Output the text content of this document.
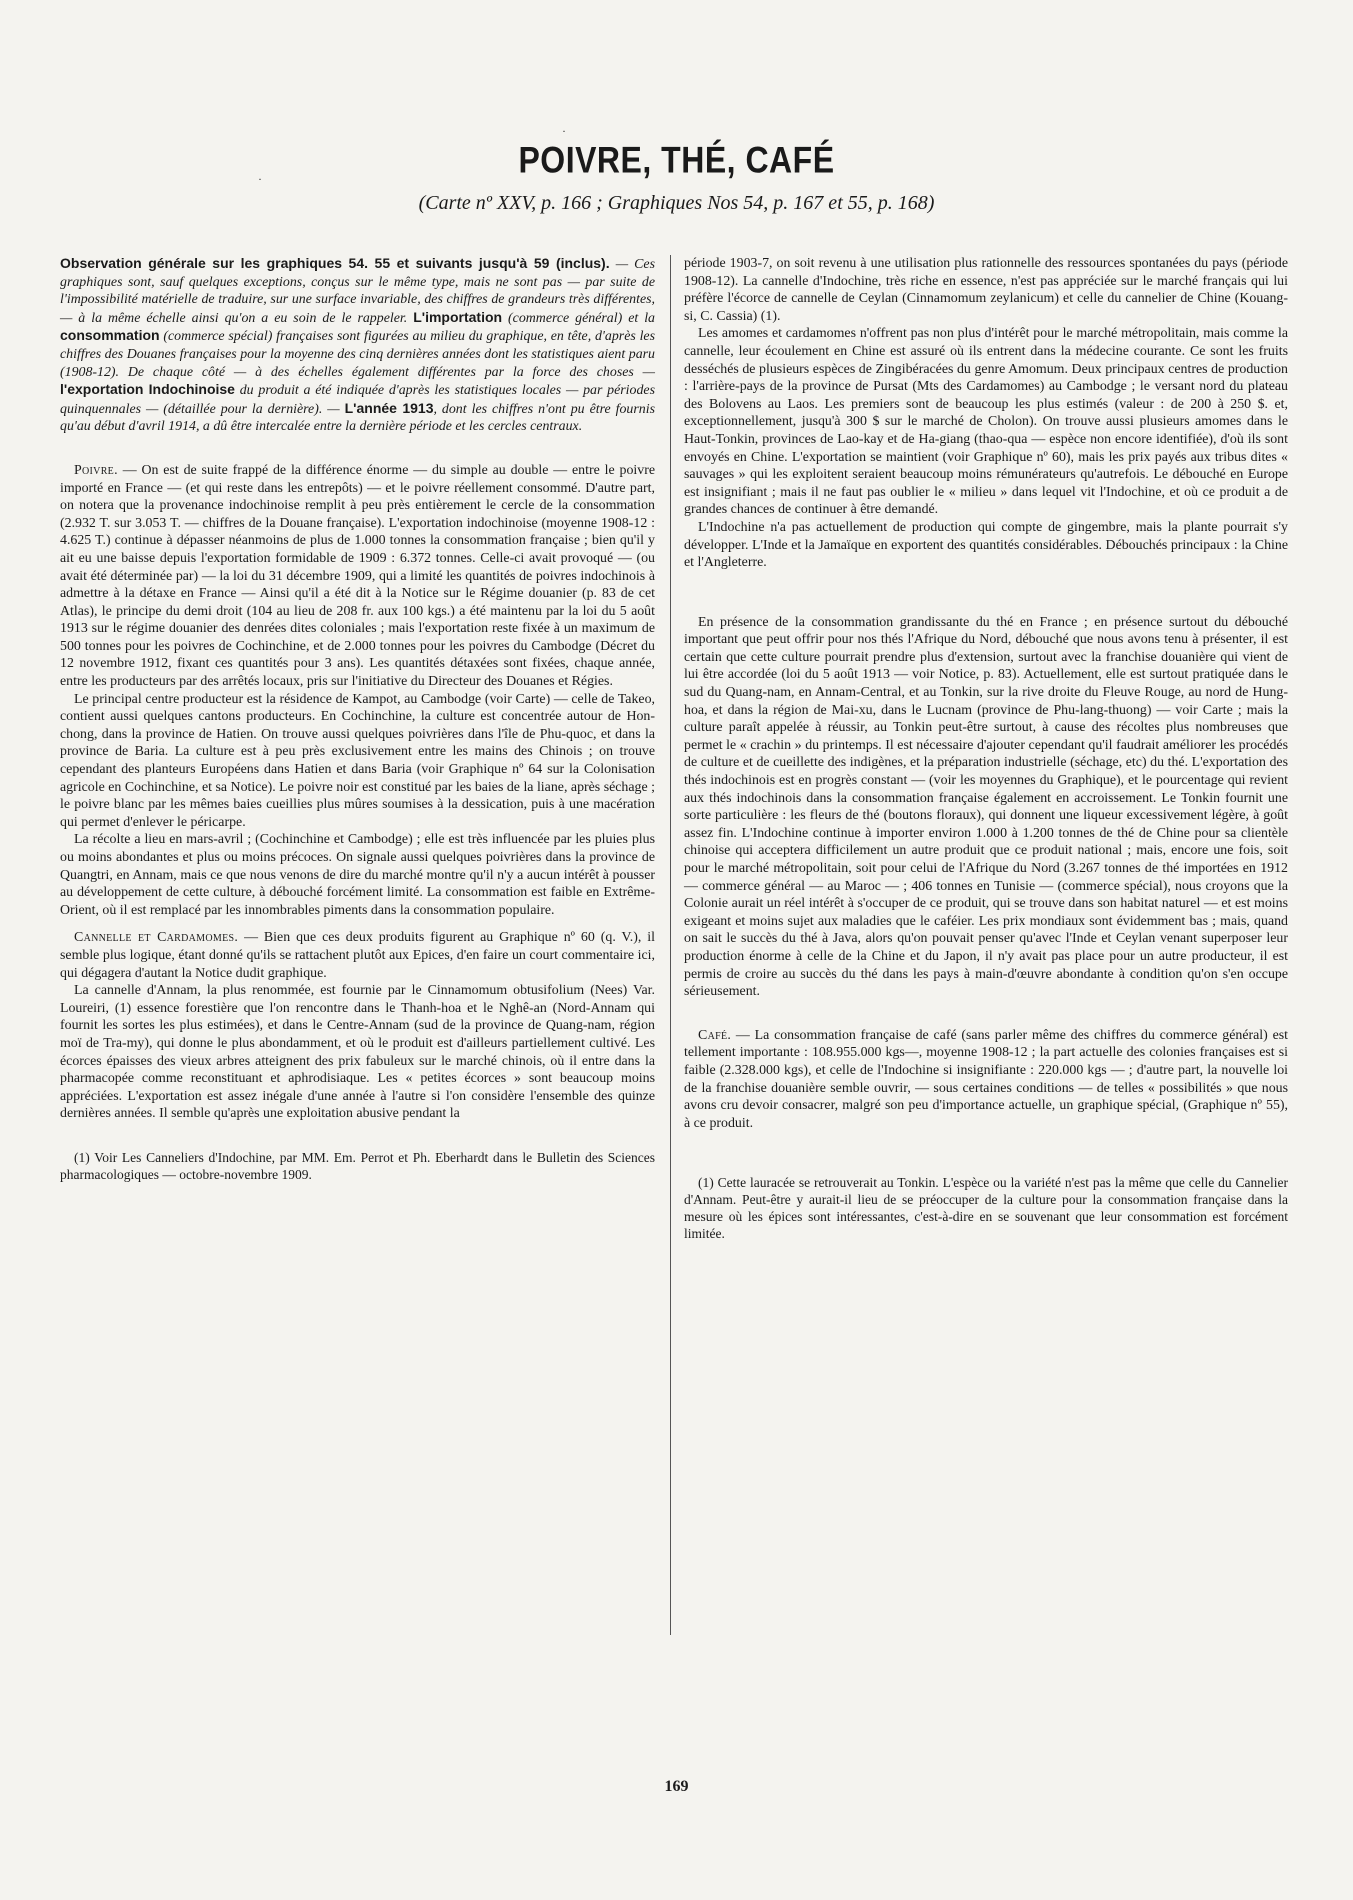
·
·
POIVRE, THÉ, CAFÉ
(Carte nº XXV, p. 166 ; Graphiques Nos 54, p. 167 et 55, p. 168)

Observation générale sur les graphiques 54. 55 et suivants jusqu'à 59 (inclus). — Ces graphiques sont, sauf quelques exceptions, conçus sur le même type, mais ne sont pas — par suite de l'impossibilité matérielle de traduire, sur une surface invariable, des chiffres de grandeurs très différentes, — à la même échelle ainsi qu'on a eu soin de le rappeler. L'importation (commerce général) et la consommation (commerce spécial) françaises sont figurées au milieu du graphique, en tête, d'après les chiffres des Douanes françaises pour la moyenne des cinq dernières années dont les statistiques aient paru (1908-12). De chaque côté — à des échelles également différentes par la force des choses — l'exportation Indochinoise du produit a été indiquée d'après les statistiques locales — par périodes quinquennales — (détaillée pour la dernière). — L'année 1913, dont les chiffres n'ont pu être fournis qu'au début d'avril 1914, a dû être intercalée entre la dernière période et les cercles centraux.

Poivre. — On est de suite frappé de la différence énorme — du simple au double — entre le poivre importé en France — (et qui reste dans les entrepôts) — et le poivre réellement consommé. D'autre part, on notera que la provenance indochinoise remplit à peu près entièrement le cercle de la consommation (2.932 T. sur 3.053 T. — chiffres de la Douane française). L'exportation indochinoise (moyenne 1908-12 : 4.625 T.) continue à dépasser néanmoins de plus de 1.000 tonnes la consommation française ; bien qu'il y ait eu une baisse depuis l'exportation formidable de 1909 : 6.372 tonnes. Celle-ci avait provoqué — (ou avait été déterminée par) — la loi du 31 décembre 1909, qui a limité les quantités de poivres indochinois à admettre à la détaxe en France — Ainsi qu'il a été dit à la Notice sur le Régime douanier (p. 83 de cet Atlas), le principe du demi droit (104 au lieu de 208 fr. aux 100 kgs.) a été maintenu par la loi du 5 août 1913 sur le régime douanier des denrées dites coloniales ; mais l'exportation reste fixée à un maximum de 500 tonnes pour les poivres de Cochinchine, et de 2.000 tonnes pour les poivres du Cambodge (Décret du 12 novembre 1912, fixant ces quantités pour 3 ans). Les quantités détaxées sont fixées, chaque année, entre les producteurs par des arrêtés locaux, pris sur l'initiative du Directeur des Douanes et Régies.

Le principal centre producteur est la résidence de Kampot, au Cambodge (voir Carte) — celle de Takeo, contient aussi quelques cantons producteurs. En Cochinchine, la culture est concentrée autour de Hon-chong, dans la province de Hatien. On trouve aussi quelques poivrières dans l'île de Phu-quoc, et dans la province de Baria. La culture est à peu près exclusivement entre les mains des Chinois ; on trouve cependant des planteurs Européens dans Hatien et dans Baria (voir Graphique nº 64 sur la Colonisation agricole en Cochinchine, et sa Notice). Le poivre noir est constitué par les baies de la liane, après séchage ; le poivre blanc par les mêmes baies cueillies plus mûres soumises à la dessication, puis à une macération qui permet d'enlever le péricarpe.

La récolte a lieu en mars-avril ; (Cochinchine et Cambodge) ; elle est très influencée par les pluies plus ou moins abondantes et plus ou moins précoces. On signale aussi quelques poivrières dans la province de Quangtri, en Annam, mais ce que nous venons de dire du marché montre qu'il n'y a aucun intérêt à pousser au développement de cette culture, à débouché forcément limité. La consommation est faible en Extrême-Orient, où il est remplacé par les innombrables piments dans la consommation populaire.

Cannelle et Cardamomes. — Bien que ces deux produits figurent au Graphique nº 60 (q. V.), il semble plus logique, étant donné qu'ils se rattachent plutôt aux Epices, d'en faire un court commentaire ici, qui dégagera d'autant la Notice dudit graphique.

La cannelle d'Annam, la plus renommée, est fournie par le Cinnamomum obtusifolium (Nees) Var. Loureiri, (1) essence forestière que l'on rencontre dans le Thanh-hoa et le Nghê-an (Nord-Annam qui fournit les sortes les plus estimées), et dans le Centre-Annam (sud de la province de Quang-nam, région moï de Tra-my), qui donne le plus abondamment, et où le produit est d'ailleurs partiellement cultivé. Les écorces épaisses des vieux arbres atteignent des prix fabuleux sur le marché chinois, où il entre dans la pharmacopée comme reconstituant et aphrodisiaque. Les « petites écorces » sont beaucoup moins appréciées. L'exportation est assez inégale d'une année à l'autre si l'on considère l'ensemble des quinze dernières années. Il semble qu'après une exploitation abusive pendant la

(1) Voir Les Canneliers d'Indochine, par MM. Em. Perrot et Ph. Eberhardt dans le Bulletin des Sciences pharmacologiques — octobre-novembre 1909.

période 1903-7, on soit revenu à une utilisation plus rationnelle des ressources spontanées du pays (période 1908-12). La cannelle d'Indochine, très riche en essence, n'est pas appréciée sur le marché français qui lui préfère l'écorce de cannelle de Ceylan (Cinnamomum zeylanicum) et celle du cannelier de Chine (Kouang-si, C. Cassia) (1).

Les amomes et cardamomes n'offrent pas non plus d'intérêt pour le marché métropolitain, mais comme la cannelle, leur écoulement en Chine est assuré où ils entrent dans la médecine courante. Ce sont les fruits desséchés de plusieurs espèces de Zingibéracées du genre Amomum. Deux principaux centres de production : l'arrière-pays de la province de Pursat (Mts des Cardamomes) au Cambodge ; le versant nord du plateau des Bolovens au Laos. Les premiers sont de beaucoup les plus estimés (valeur : de 200 à 250 $. et, exceptionnellement, jusqu'à 300 $ sur le marché de Cholon). On trouve aussi plusieurs amomes dans le Haut-Tonkin, provinces de Lao-kay et de Ha-giang (thao-qua — espèce non encore identifiée), d'où ils sont envoyés en Chine. L'exportation se maintient (voir Graphique nº 60), mais les prix payés aux tribus dites « sauvages » qui les exploitent seraient beaucoup moins rémunérateurs qu'autrefois. Le débouché en Europe est insignifiant ; mais il ne faut pas oublier le « milieu » dans lequel vit l'Indochine, et où ce produit a de grandes chances de continuer à être demandé.

L'Indochine n'a pas actuellement de production qui compte de gingembre, mais la plante pourrait s'y développer. L'Inde et la Jamaïque en exportent des quantités considérables. Débouchés principaux : la Chine et l'Angleterre.

En présence de la consommation grandissante du thé en France ; en présence surtout du débouché important que peut offrir pour nos thés l'Afrique du Nord, débouché que nous avons tenu à présenter, il est certain que cette culture pourrait prendre plus d'extension, surtout avec la franchise douanière qui vient de lui être accordée (loi du 5 août 1913 — voir Notice, p. 83). Actuellement, elle est surtout pratiquée dans le sud du Quang-nam, en Annam-Central, et au Tonkin, sur la rive droite du Fleuve Rouge, au nord de Hung-hoa, et dans la région de Mai-xu, dans le Lucnam (province de Phu-lang-thuong) — voir Carte ; mais la culture paraît appelée à réussir, au Tonkin peut-être surtout, à cause des récoltes plus nombreuses que permet le « crachin » du printemps. Il est nécessaire d'ajouter cependant qu'il faudrait améliorer les procédés de culture et de cueillette des indigènes, et la préparation industrielle (séchage, etc) du thé. L'exportation des thés indochinois est en progrès constant — (voir les moyennes du Graphique), et le pourcentage qui revient aux thés indochinois dans la consommation française également en accroissement. Le Tonkin fournit une sorte particulière : les fleurs de thé (boutons floraux), qui donnent une liqueur excessivement légère, à goût assez fin. L'Indochine continue à importer environ 1.000 à 1.200 tonnes de thé de Chine pour sa clientèle chinoise qui acceptera difficilement un autre produit que ce produit national ; mais, encore une fois, soit pour le marché métropolitain, soit pour celui de l'Afrique du Nord (3.267 tonnes de thé importées en 1912 — commerce général — au Maroc — ; 406 tonnes en Tunisie — (commerce spécial), nous croyons que la Colonie aurait un réel intérêt à s'occuper de ce produit, qui se trouve dans son habitat naturel — et est moins exigeant et moins sujet aux maladies que le caféier. Les prix mondiaux sont évidemment bas ; mais, quand on sait le succès du thé à Java, alors qu'on pouvait penser qu'avec l'Inde et Ceylan venant superposer leur production énorme à celle de la Chine et du Japon, il n'y avait pas place pour un autre producteur, il est permis de croire au succès du thé dans les pays à main-d'œuvre abondante à condition qu'on s'en occupe sérieusement.

Café. — La consommation française de café (sans parler même des chiffres du commerce général) est tellement importante : 108.955.000 kgs—, moyenne 1908-12 ; la part actuelle des colonies françaises est si faible (2.328.000 kgs), et celle de l'Indochine si insignifiante : 220.000 kgs — ; d'autre part, la nouvelle loi de la franchise douanière semble ouvrir, — sous certaines conditions — de telles « possibilités » que nous avons cru devoir consacrer, malgré son peu d'importance actuelle, un graphique spécial, (Graphique nº 55), à ce produit.

(1) Cette lauracée se retrouverait au Tonkin. L'espèce ou la variété n'est pas la même que celle du Cannelier d'Annam. Peut-être y aurait-il lieu de se préoccuper de la culture pour la consommation française dans la mesure où les épices sont intéressantes, c'est-à-dire en se souvenant que leur consommation est forcément limitée.

169
